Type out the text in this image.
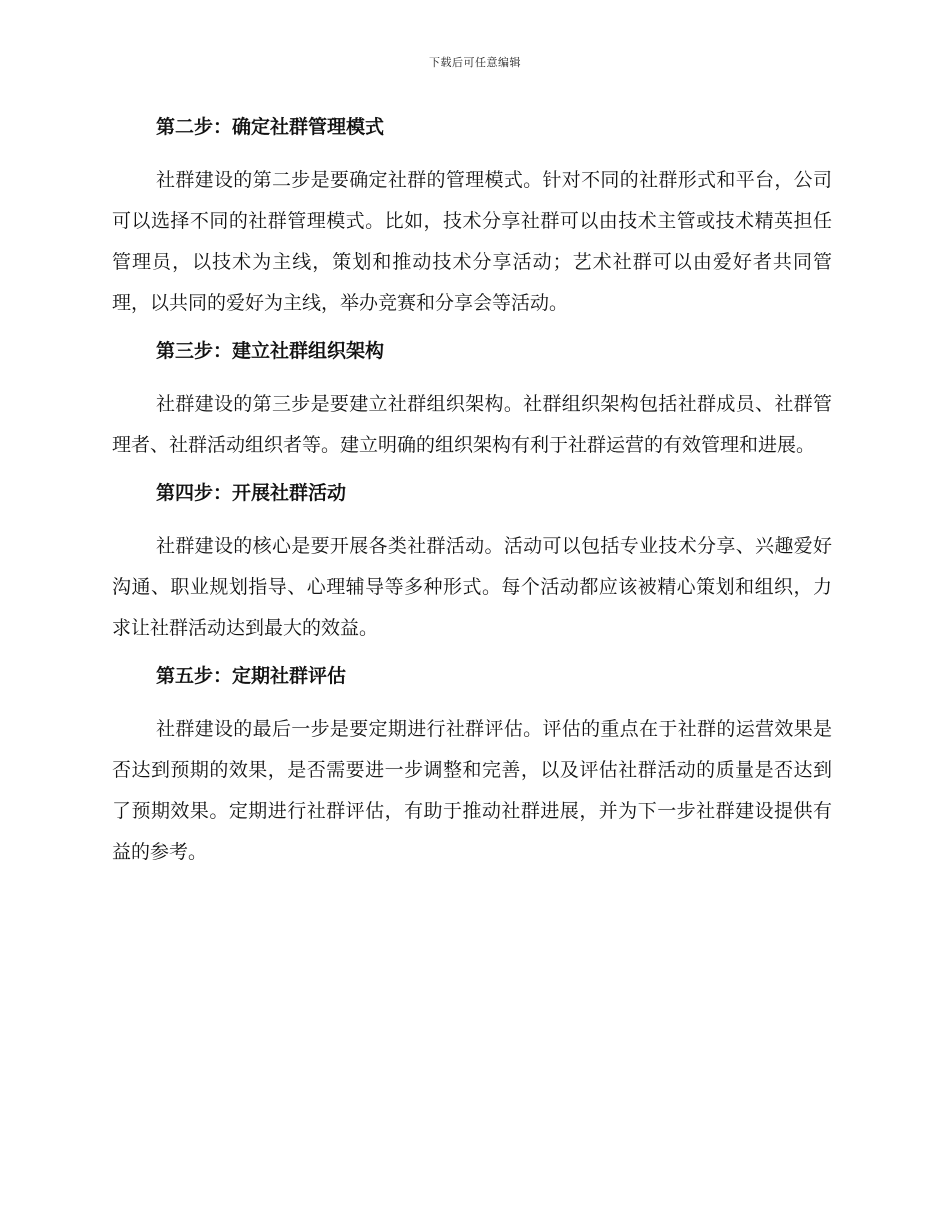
下载后可任意编辑
第二步：确定社群管理模式

社群建设的第二步是要确定社群的管理模式。针对不同的社群形式和平台，公司可以选择不同的社群管理模式。比如，技术分享社群可以由技术主管或技术精英担任管理员，以技术为主线，策划和推动技术分享活动；艺术社群可以由爱好者共同管理，以共同的爱好为主线，举办竞赛和分享会等活动。

第三步：建立社群组织架构

社群建设的第三步是要建立社群组织架构。社群组织架构包括社群成员、社群管理者、社群活动组织者等。建立明确的组织架构有利于社群运营的有效管理和进展。

第四步：开展社群活动

社群建设的核心是要开展各类社群活动。活动可以包括专业技术分享、兴趣爱好沟通、职业规划指导、心理辅导等多种形式。每个活动都应该被精心策划和组织，力求让社群活动达到最大的效益。

第五步：定期社群评估

社群建设的最后一步是要定期进行社群评估。评估的重点在于社群的运营效果是否达到预期的效果，是否需要进一步调整和完善，以及评估社群活动的质量是否达到了预期效果。定期进行社群评估，有助于推动社群进展，并为下一步社群建设提供有益的参考。
